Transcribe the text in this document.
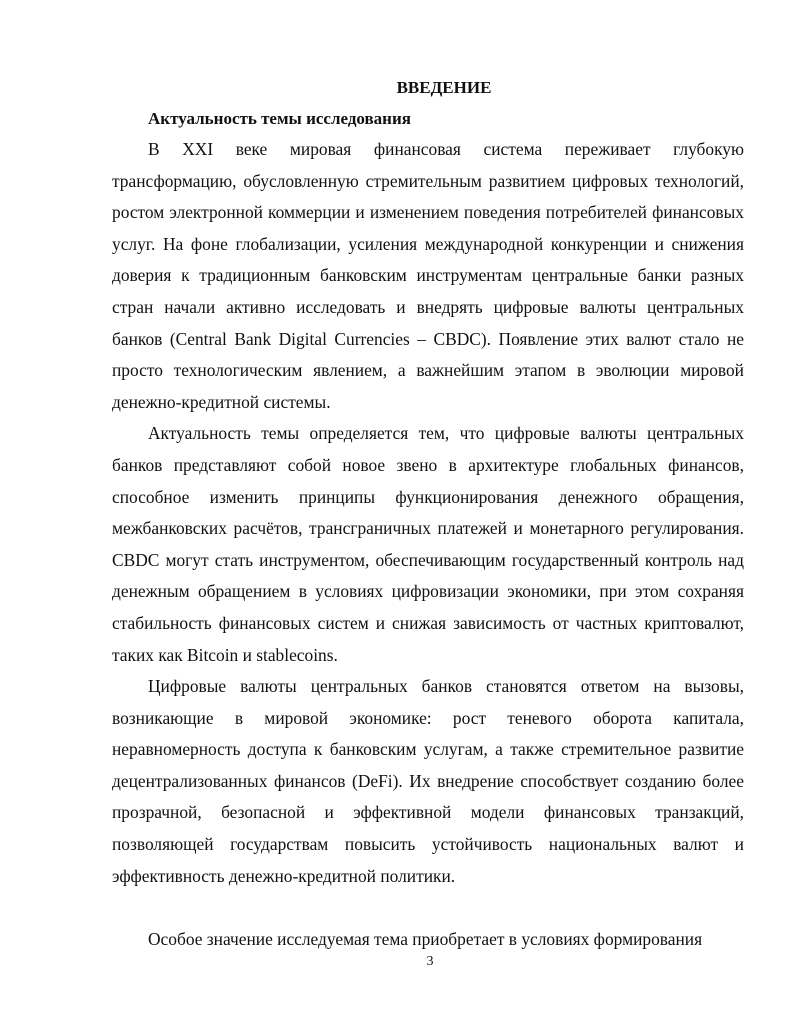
ВВЕДЕНИЕ
Актуальность темы исследования

В XXI веке мировая финансовая система переживает глубокую трансформацию, обусловленную стремительным развитием цифровых технологий, ростом электронной коммерции и изменением поведения потребителей финансовых услуг. На фоне глобализации, усиления международной конкуренции и снижения доверия к традиционным банковским инструментам центральные банки разных стран начали активно исследовать и внедрять цифровые валюты центральных банков (Central Bank Digital Currencies – CBDC). Появление этих валют стало не просто технологическим явлением, а важнейшим этапом в эволюции мировой денежно-кредитной системы.

Актуальность темы определяется тем, что цифровые валюты центральных банков представляют собой новое звено в архитектуре глобальных финансов, способное изменить принципы функционирования денежного обращения, межбанковских расчётов, трансграничных платежей и монетарного регулирования. CBDC могут стать инструментом, обеспечивающим государственный контроль над денежным обращением в условиях цифровизации экономики, при этом сохраняя стабильность финансовых систем и снижая зависимость от частных криптовалют, таких как Bitcoin и stablecoins.

Цифровые валюты центральных банков становятся ответом на вызовы, возникающие в мировой экономике: рост теневого оборота капитала, неравномерность доступа к банковским услугам, а также стремительное развитие децентрализованных финансов (DeFi). Их внедрение способствует созданию более прозрачной, безопасной и эффективной модели финансовых транзакций, позволяющей государствам повысить устойчивость национальных валют и эффективность денежно-кредитной политики.

Особое значение исследуемая тема приобретает в условиях формирования

3
